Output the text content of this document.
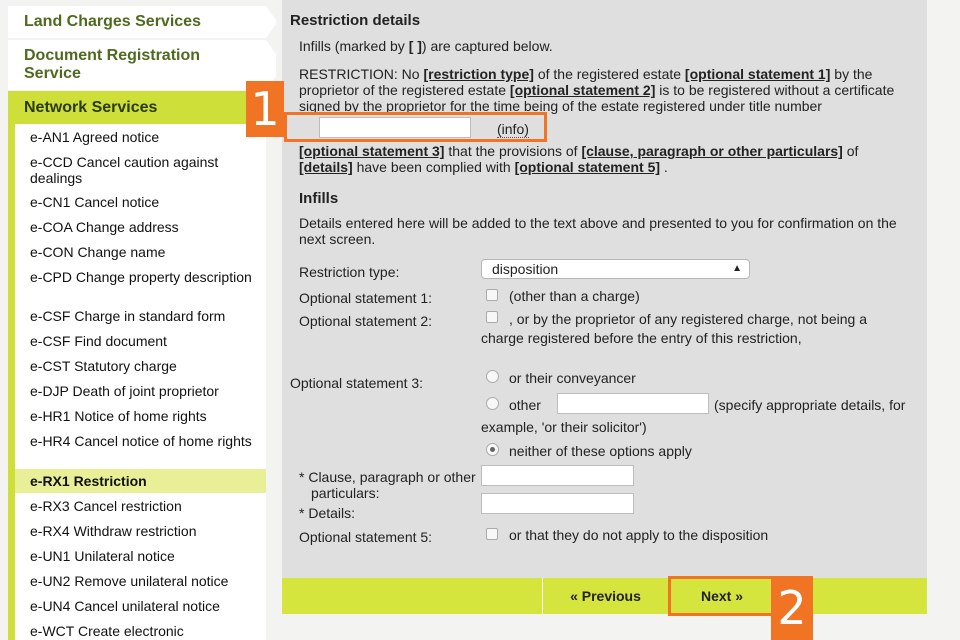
Land Charges Services
Document Registration Service
Network Services
e-AN1 Agreed notice
e-CCD Cancel caution against dealings
e-CN1 Cancel notice
e-COA Change address
e-CON Change name
e-CPD Change property description
e-CSF Charge in standard form
e-CSF Find document
e-CST Statutory charge
e-DJP Death of joint proprietor
e-HR1 Notice of home rights
e-HR4 Cancel notice of home rights
e-RX1 Restriction
e-RX3 Cancel restriction
e-RX4 Withdraw restriction
e-UN1 Unilateral notice
e-UN2 Remove unilateral notice
e-UN4 Cancel unilateral notice
e-WCT Create electronic
Restriction details
Infills (marked by [ ]) are captured below.
RESTRICTION: No [restriction type] of the registered estate [optional statement 1] by the
proprietor of the registered estate [optional statement 2] is to be registered without a certificate
signed by the proprietor for the time being of the estate registered under title number
(info)
[optional statement 3] that the provisions of [clause, paragraph or other particulars] of
[details] have been complied with [optional statement 5] .
Infills
Details entered here will be added to the text above and presented to you for confirmation on the
next screen.
Restriction type:	disposition	▲

Optional statement 1:	(other than a charge)
Optional statement 2:	, or by the proprietor of any registered charge, not being a
charge registered before the entry of this restriction,
Optional statement 3:	or their conveyancer
other	(specify appropriate details, for
example, 'or their solicitor')
neither of these options apply
* Clause, paragraph or other
particulars:
* Details:
Optional statement 5:	or that they do not apply to the disposition
« Previous	Next »
1
2
